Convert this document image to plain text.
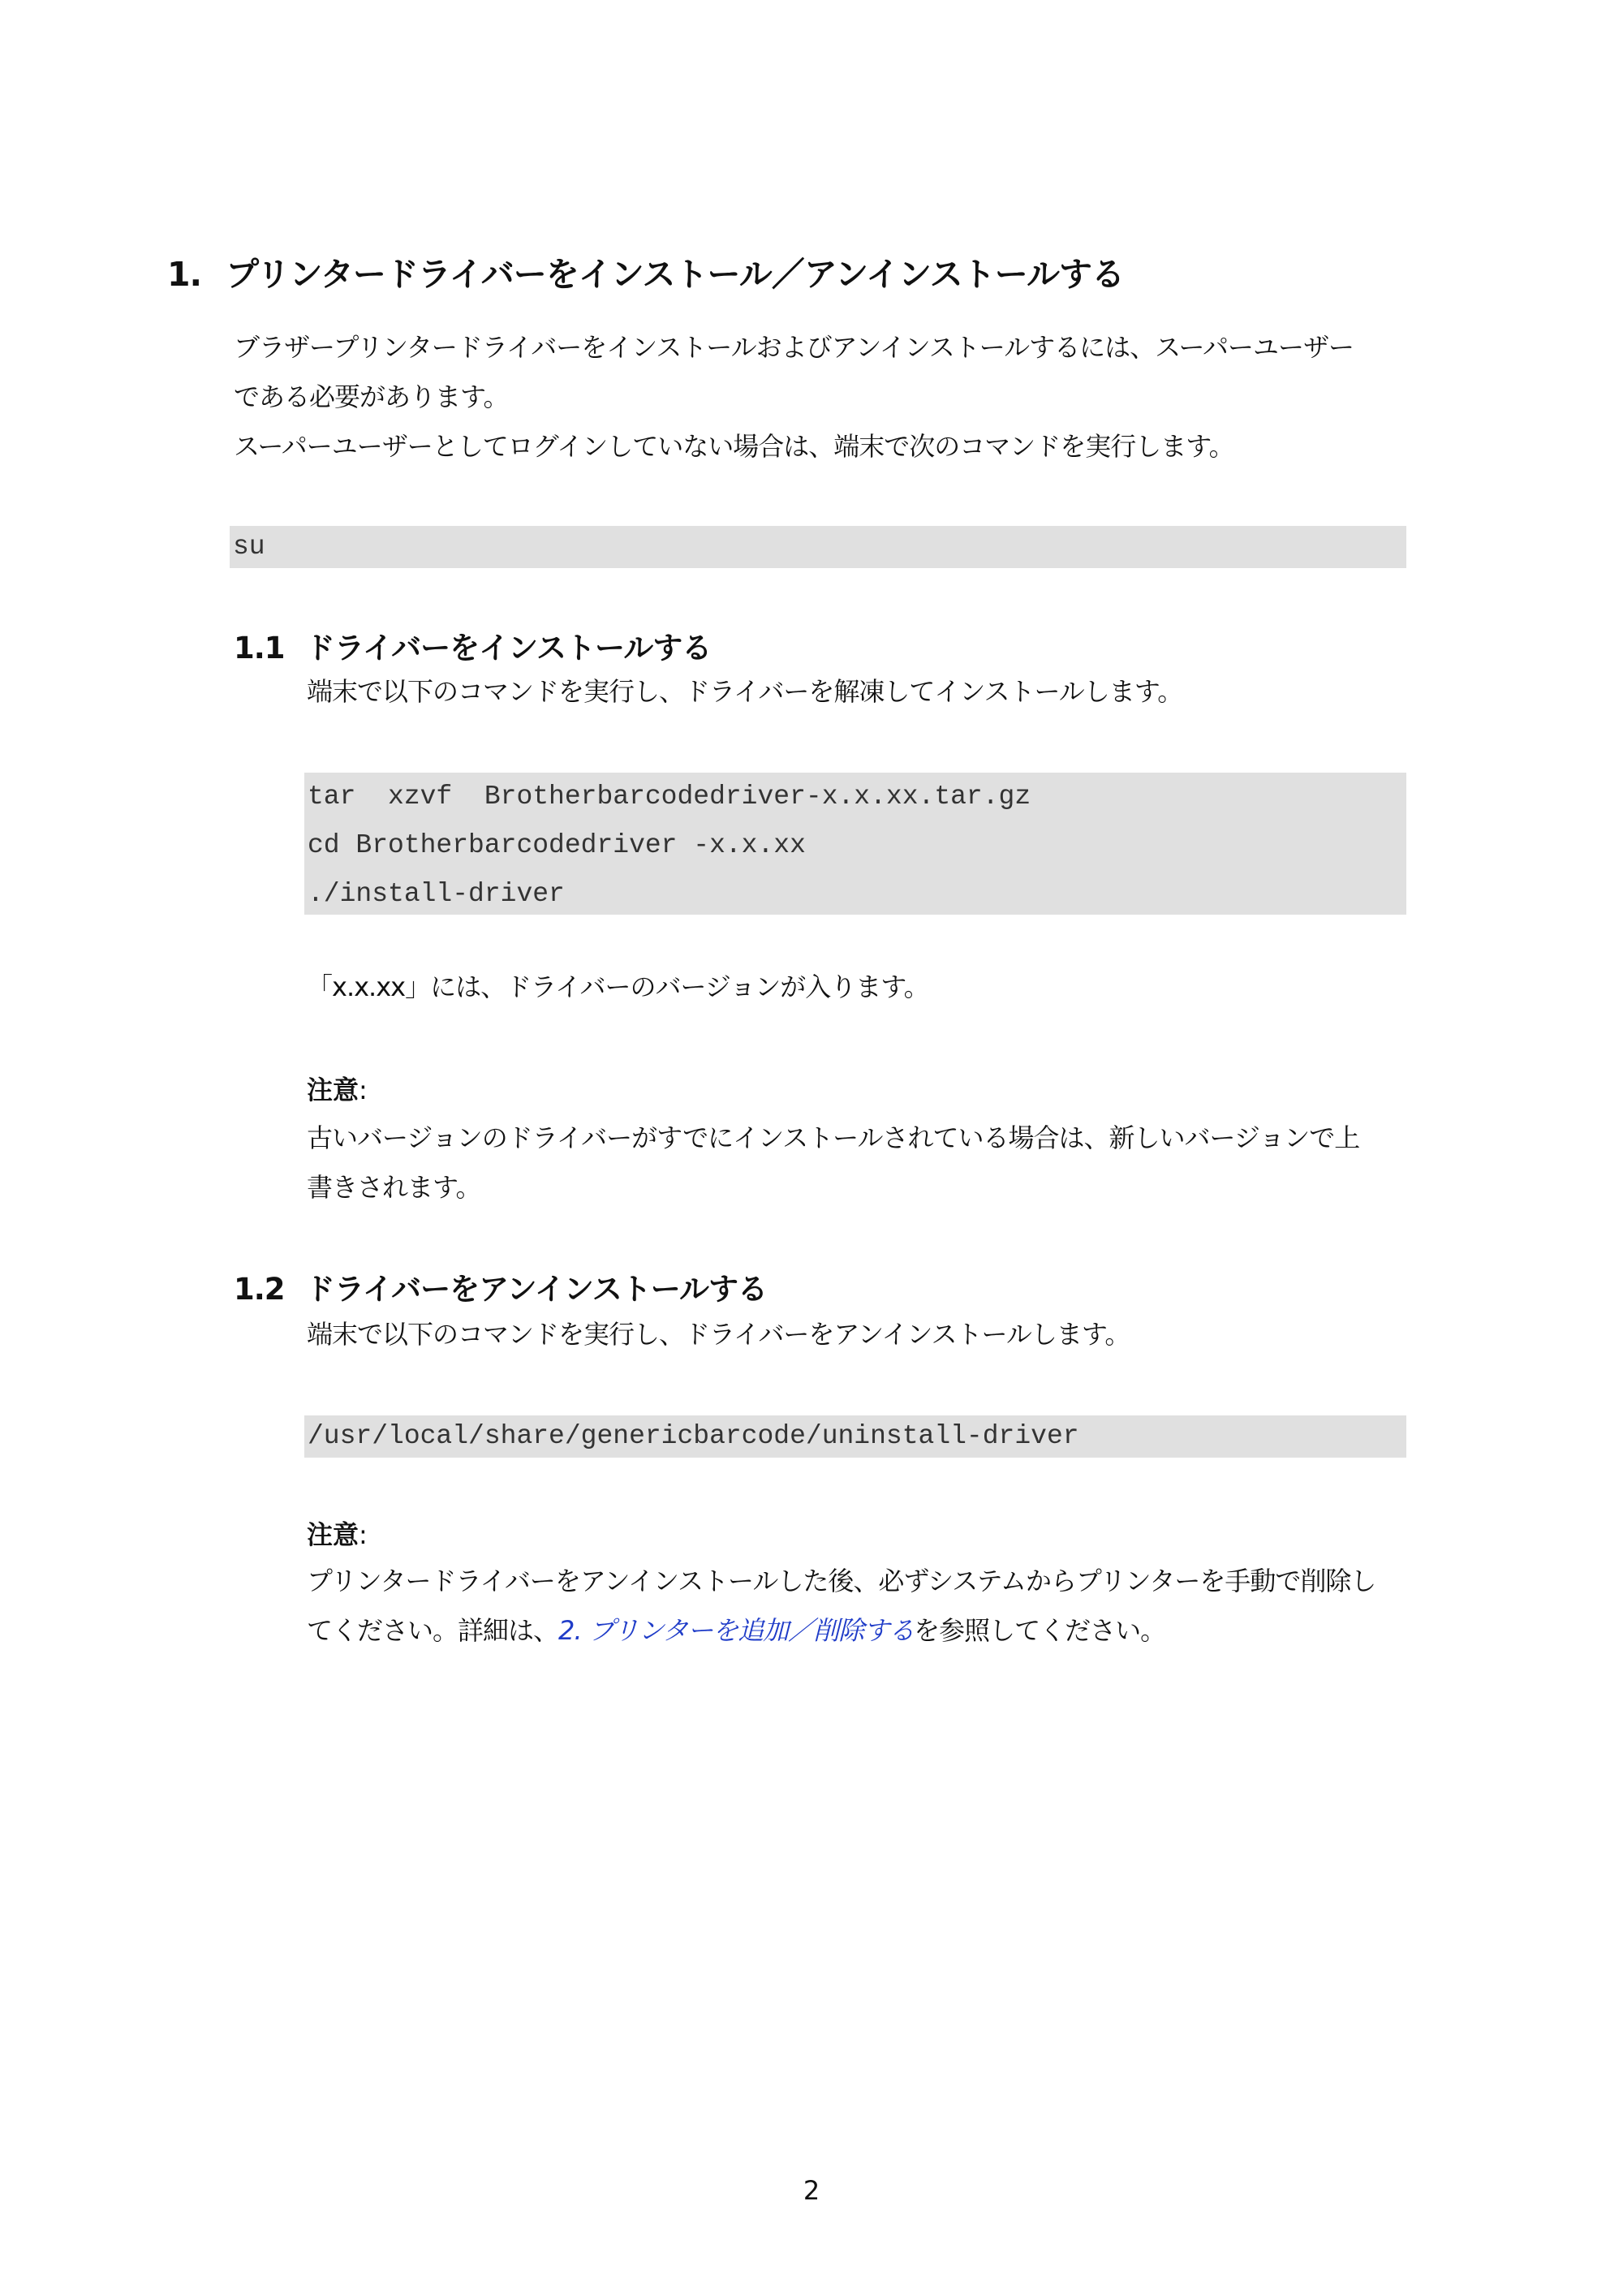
1. プリンタードライバーをインストール／アンインストールする
ブラザープリンタードライバーをインストールおよびアンインストールするには、スーパーユーザー
である必要があります。
スーパーユーザーとしてログインしていない場合は、端末で次のコマンドを実行します。
su
1.1 ドライバーをインストールする
端末で以下のコマンドを実行し、ドライバーを解凍してインストールします。
tar  xzvf  Brotherbarcodedriver-x.x.xx.tar.gz
cd Brotherbarcodedriver -x.x.xx
./install-driver
「x.x.xx」には、ドライバーのバージョンが入ります。
注意:
古いバージョンのドライバーがすでにインストールされている場合は、新しいバージョンで上
書きされます。
1.2 ドライバーをアンインストールする
端末で以下のコマンドを実行し、ドライバーをアンインストールします。
/usr/local/share/genericbarcode/uninstall-driver
注意:
プリンタードライバーをアンインストールした後、必ずシステムからプリンターを手動で削除し
てください。詳細は、2. プリンターを追加／削除するを参照してください。
2
